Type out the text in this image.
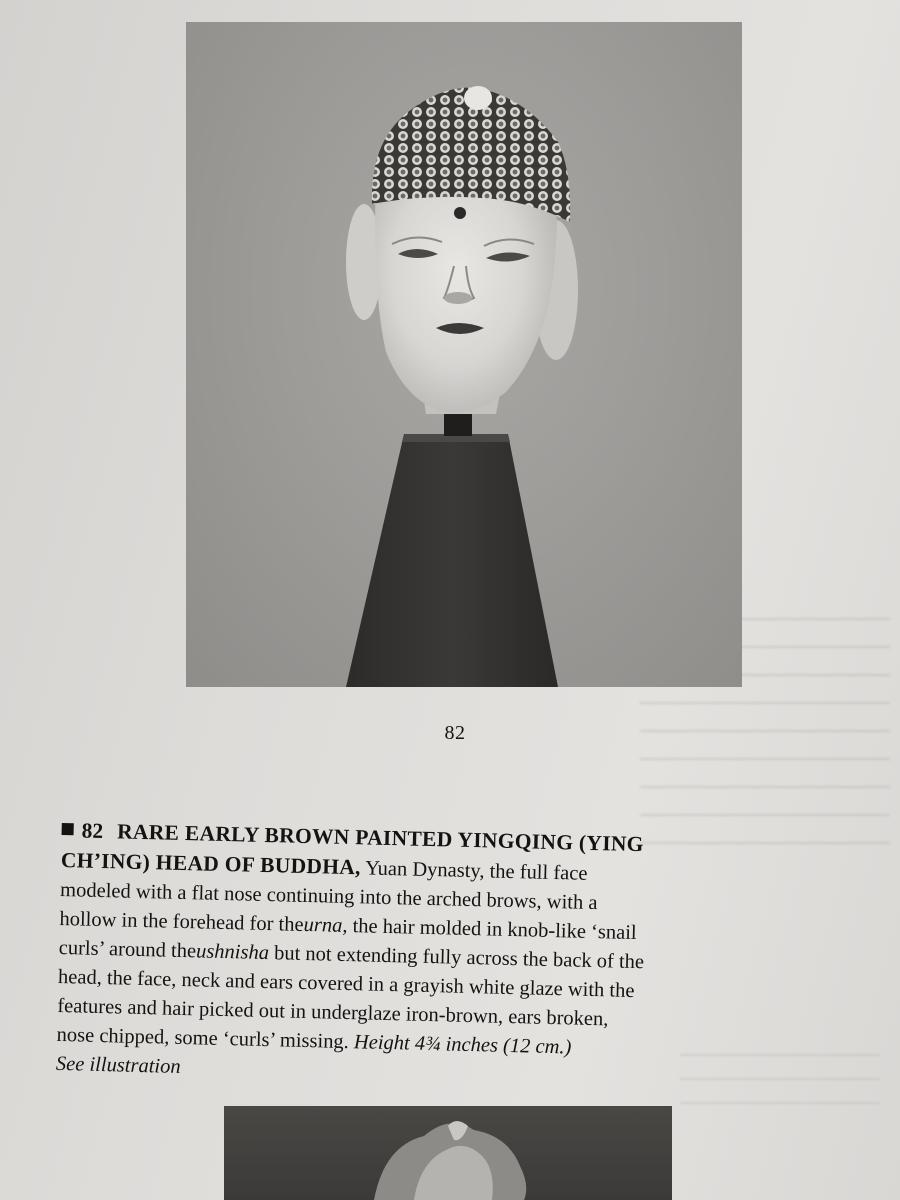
82
82 RARE EARLY BROWN PAINTED YINGQING (YING
CH’ING) HEAD OF BUDDHA, Yuan Dynasty, the full face
modeled with a flat nose continuing into the arched brows, with a
hollow in the forehead for theurna, the hair molded in knob-like ‘snail
curls’ around theushnisha but not extending fully across the back of the
head, the face, neck and ears covered in a grayish white glaze with the
features and hair picked out in underglaze iron-brown, ears broken,
nose chipped, some ‘curls’ missing. Height 4¾ inches (12 cm.)
See illustration
